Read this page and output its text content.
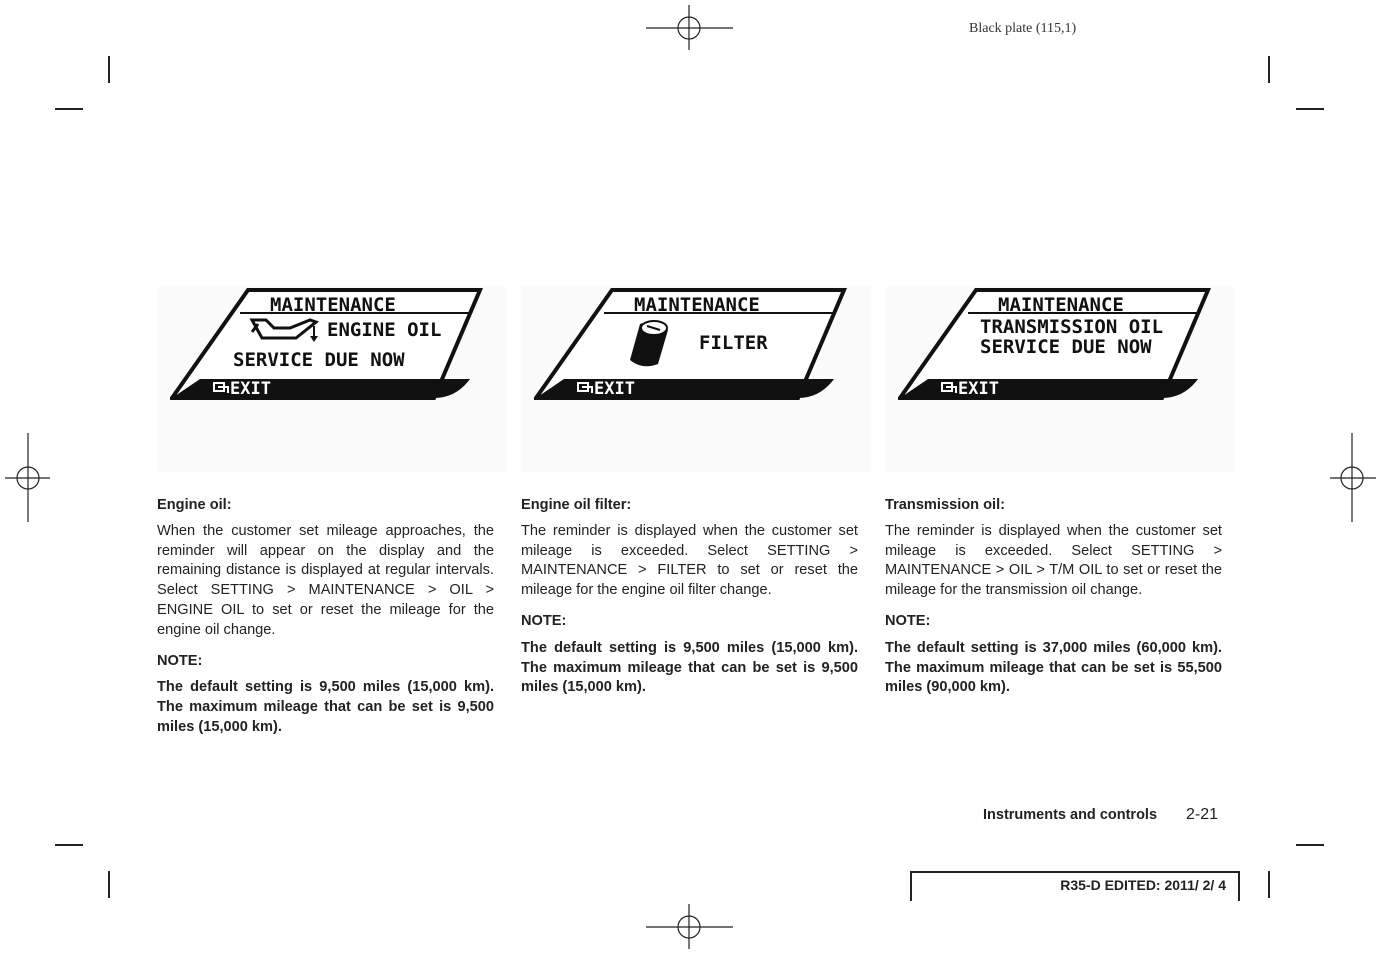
Black plate (115,1)
MAINTENANCE
ENGINE OIL
SERVICE DUE NOW
EXIT
MAINTENANCE
FILTER
EXIT
MAINTENANCE
TRANSMISSION OIL
SERVICE DUE NOW
EXIT
Engine oil:

When the customer set mileage approaches, the reminder will appear on the display and the remaining distance is displayed at regular intervals. Select SETTING > MAINTENANCE > OIL > ENGINE OIL to set or reset the mileage for the engine oil change.

NOTE:

The default setting is 9,500 miles (15,000 km). The maximum mileage that can be set is 9,500 miles (15,000 km).

Engine oil filter:

The reminder is displayed when the customer set mileage is exceeded. Select SETTING > MAINTENANCE > FILTER to set or reset the mileage for the engine oil filter change.

NOTE:

The default setting is 9,500 miles (15,000 km). The maximum mileage that can be set is 9,500 miles (15,000 km).

Transmission oil:

The reminder is displayed when the customer set mileage is exceeded. Select SETTING > MAINTENANCE > OIL > T/M OIL to set or reset the mileage for the transmission oil change.

NOTE:

The default setting is 37,000 miles (60,000 km). The maximum mileage that can be set is 55,500 miles (90,000 km).

Instruments and controls 2-21
R35-D EDITED: 2011/ 2/ 4
